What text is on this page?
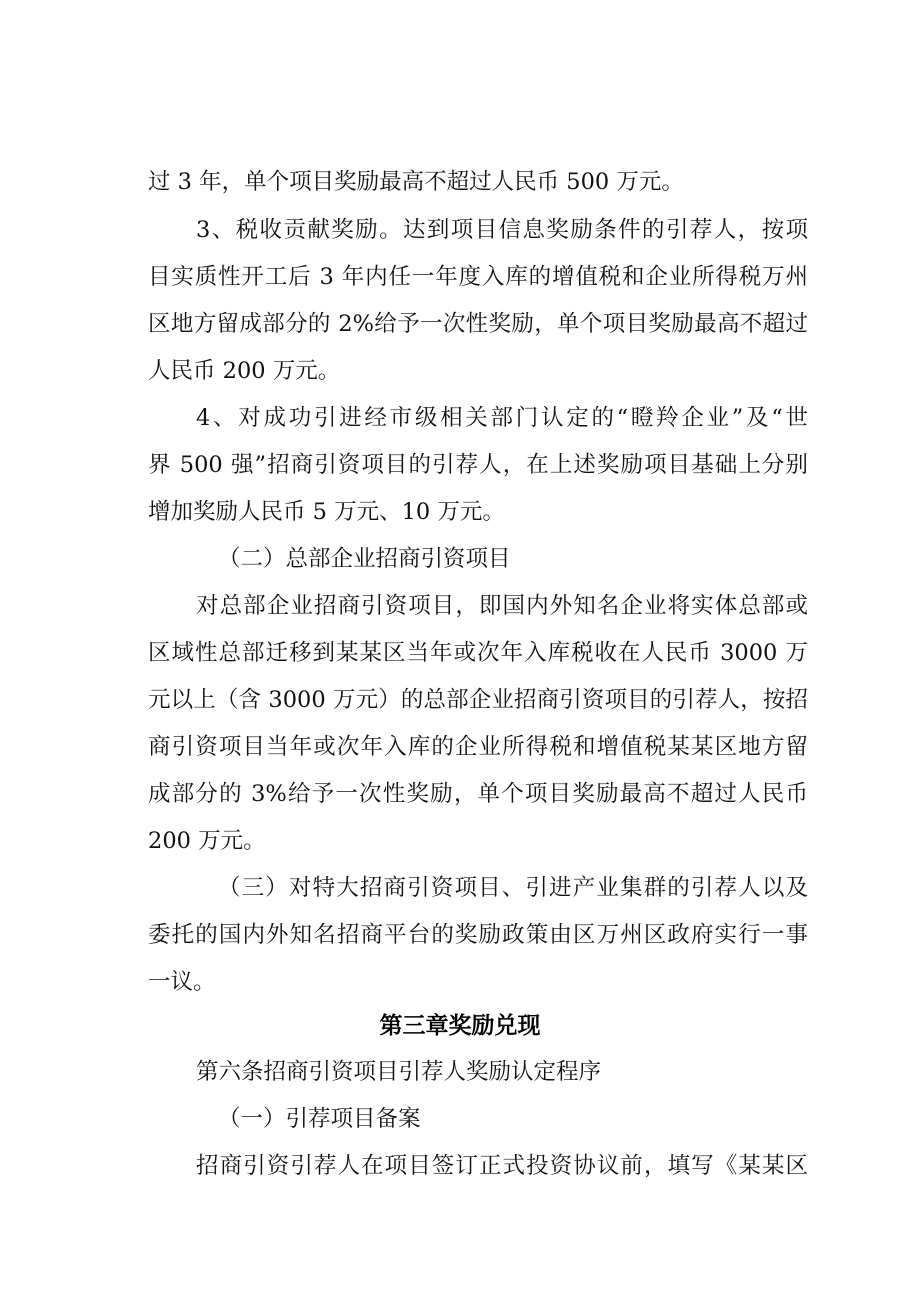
过 3 年，单个项目奖励最高不超过人民币 500 万元。
3、税收贡献奖励。达到项目信息奖励条件的引荐人，按项
目实质性开工后 3 年内任一年度入库的增值税和企业所得税万州
区地方留成部分的 2%给予一次性奖励，单个项目奖励最高不超过
人民币 200 万元。
4、对成功引进经市级相关部门认定的“瞪羚企业”及“世
界 500 强”招商引资项目的引荐人，在上述奖励项目基础上分别
增加奖励人民币 5 万元、10 万元。
（二）总部企业招商引资项目
对总部企业招商引资项目，即国内外知名企业将实体总部或
区域性总部迁移到某某区当年或次年入库税收在人民币 3000 万
元以上（含 3000 万元）的总部企业招商引资项目的引荐人，按招
商引资项目当年或次年入库的企业所得税和增值税某某区地方留
成部分的 3%给予一次性奖励，单个项目奖励最高不超过人民币
200 万元。
（三）对特大招商引资项目、引进产业集群的引荐人以及
委托的国内外知名招商平台的奖励政策由区万州区政府实行一事
一议。
第三章奖励兑现
第六条招商引资项目引荐人奖励认定程序
（一）引荐项目备案
招商引资引荐人在项目签订正式投资协议前，填写《某某区
